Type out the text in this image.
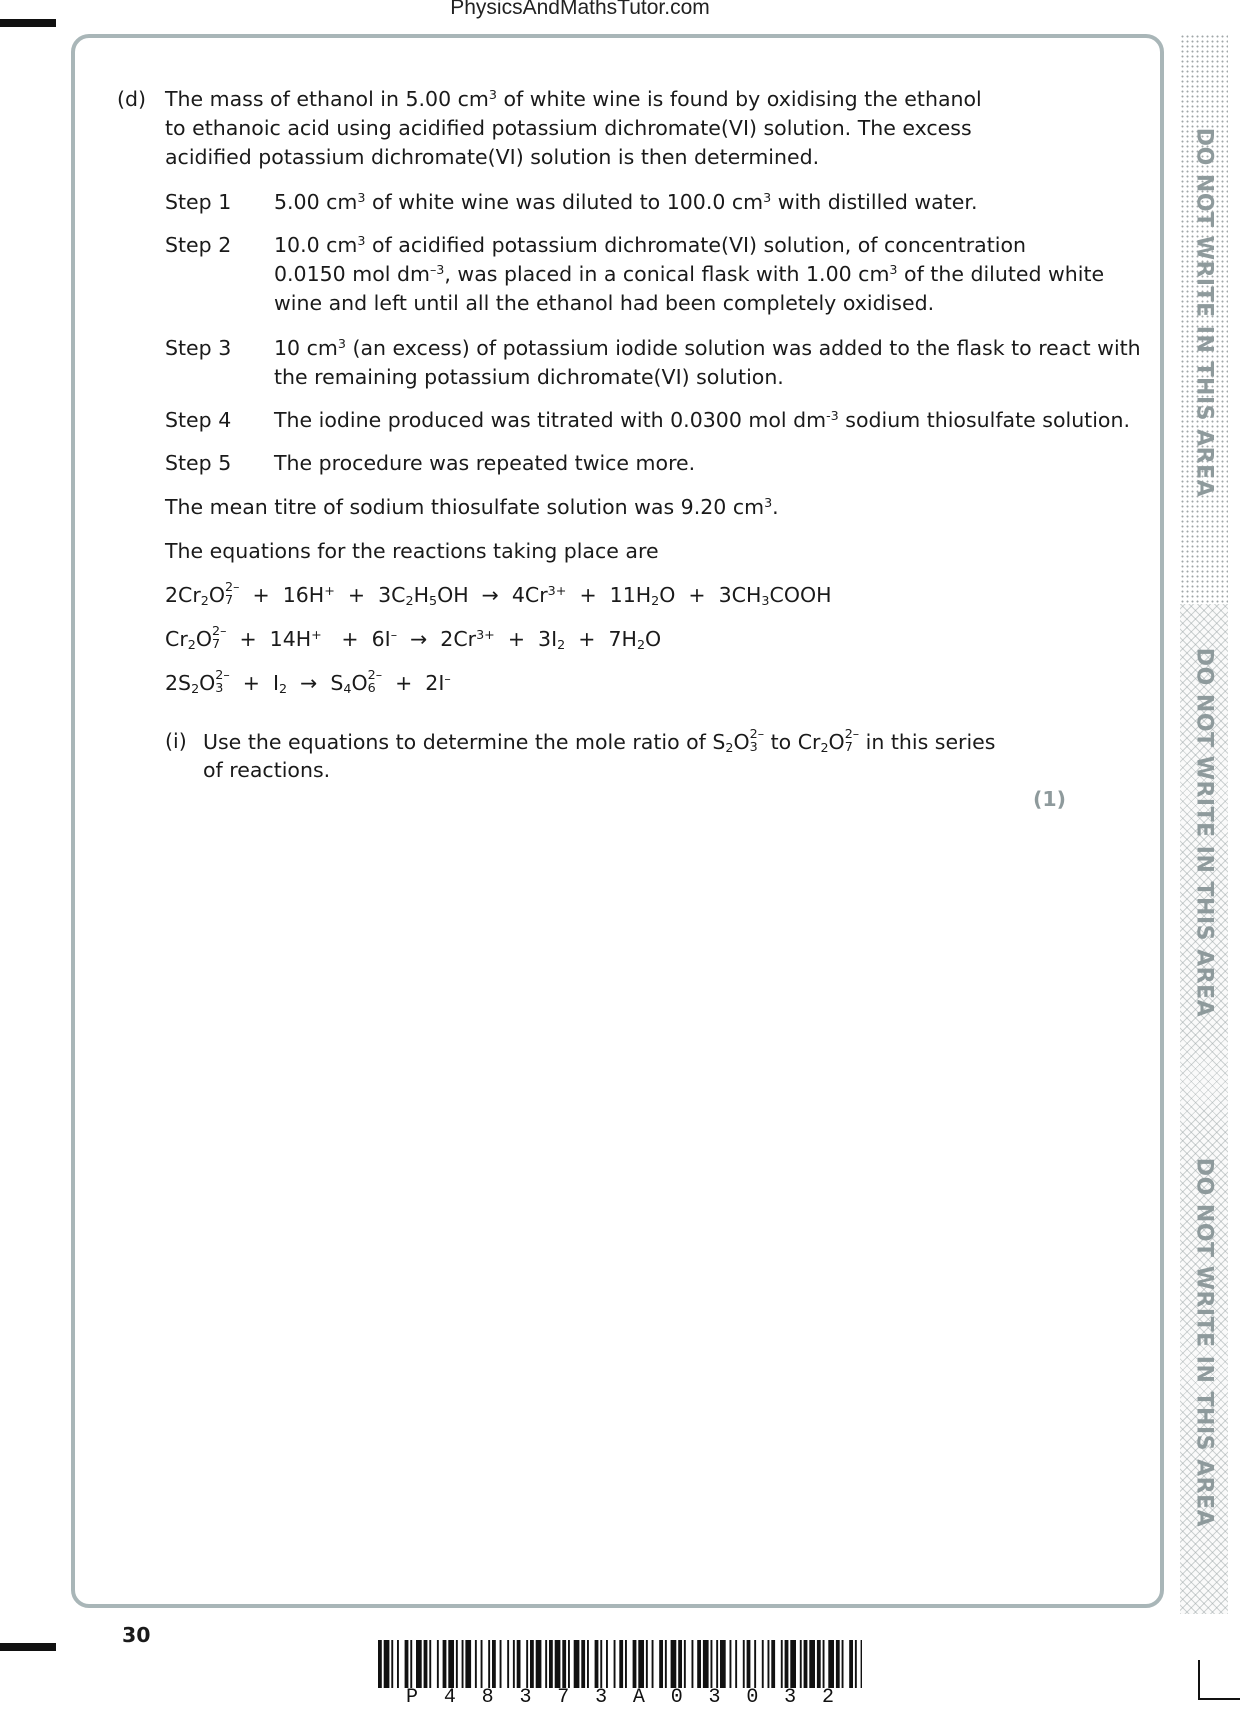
PhysicsAndMathsTutor.com
DO NOT WRITE IN THIS AREA
DO NOT WRITE IN THIS AREA
DO NOT WRITE IN THIS AREA
(d) The mass of ethanol in 5.00 $cm^3$ of white wine is found by oxidising the ethanol
to ethanoic acid using acidified potassium dichromate(VI) solution. The excess
acidified potassium dichromate(VI) solution is then determined.
Step 1 5.00 $cm^3$ of white wine was diluted to 100.0 $cm^3$ with distilled water.
Step 2 10.0 $cm^3$ of acidified potassium dichromate(VI) solution, of concentration
0.0150 mol $dm^{-3}$, was placed in a conical flask with 1.00 $cm^3$ of the diluted white
wine and left until all the ethanol had been completely oxidised.
Step 3 10 $cm^3$ (an excess) of potassium iodide solution was added to the flask to react with
the remaining potassium dichromate(VI) solution.
Step 4 The iodine produced was titrated with 0.0300 mol $dm^{-3}$ sodium thiosulfate solution.
Step 5 The procedure was repeated twice more.
The mean titre of sodium thiosulfate solution was 9.20 $cm^3$.
The equations for the reactions taking place are
$2Cr_2O$ 2–
$7 + 16H^+ + 3C_2H_5OH \to 4Cr^{3+} + 11H_2O$  +  $3CH_3COOH$
$Cr_2O$ 2–
$7 + 14H^+ + 6I^- \to 2Cr^{3+} + 3I_2 + 7H_2O$
$2S_2O$ 2–
$3 + I_2 \to S_4O$ 2–
6 +  2I–
(i) Use the equations to determine the mole ratio of $S_2O$ 2–
3 to $Cr_2O$ 2–
7 in this series
of reactions.
(1)
30
P 4 8 3 7 3 A 0 3 0 3 2
